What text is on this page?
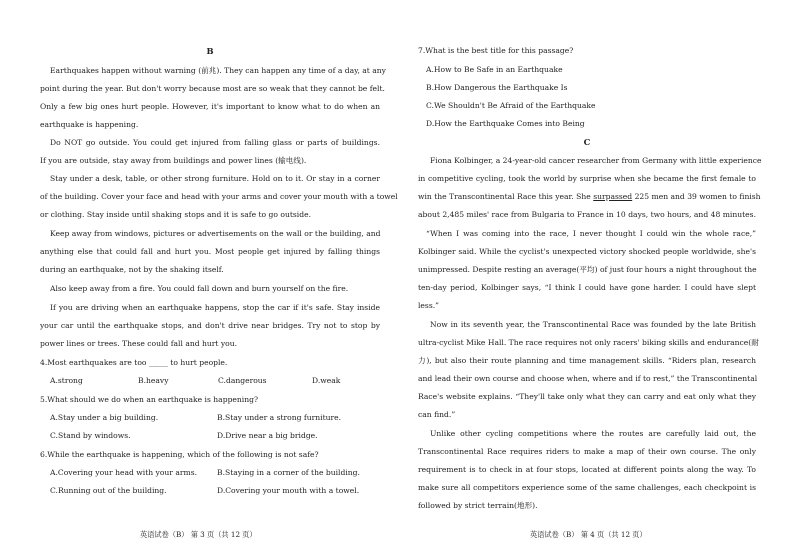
B
Earthquakes happen without warning (前兆). They can happen any time of a day, at any
point during the year. But don't worry because most are so weak that they cannot be felt.
Only a few big ones hurt people. However, it's important to know what to do when an
earthquake is happening.
Do NOT go outside. You could get injured from falling glass or parts of buildings.
If you are outside, stay away from buildings and power lines (输电线).
Stay under a desk, table, or other strong furniture. Hold on to it. Or stay in a corner
of the building. Cover your face and head with your arms and cover your mouth with a towel
or clothing. Stay inside until shaking stops and it is safe to go outside.
Keep away from windows, pictures or advertisements on the wall or the building, and
anything else that could fall and hurt you. Most people get injured by falling things
during an earthquake, not by the shaking itself.
Also keep away from a fire. You could fall down and burn yourself on the fire.
If you are driving when an earthquake happens, stop the car if it's safe. Stay inside
your car until the earthquake stops, and don't drive near bridges. Try not to stop by
power lines or trees. These could fall and hurt you.
4.Most earthquakes are too _____ to hurt people.
A.strong	B.heavy	C.dangerous	D.weak
5.What should we do when an earthquake is happening?
A.Stay under a big building.	B.Stay under a strong furniture.
C.Stand by windows.	D.Drive near a big bridge.
6.While the earthquake is happening, which of the following is not safe?
A.Covering your head with your arms.	B.Staying in a corner of the building.
C.Running out of the building.	D.Covering your mouth with a towel.
英语试卷（B） 第 3 页（共 12 页）
7.What is the best title for this passage?
A.How to Be Safe in an Earthquake
B.How Dangerous the Earthquake Is
C.We Shouldn't Be Afraid of the Earthquake
D.How the Earthquake Comes into Being
C
Fiona Kolbinger, a 24-year-old cancer researcher from Germany with little experience
in competitive cycling, took the world by surprise when she became the first female to
win the Transcontinental Race this year. She surpassed 225 men and 39 women to finish
about 2,485 miles' race from Bulgaria to France in 10 days, two hours, and 48 minutes.
“When I was coming into the race, I never thought I could win the whole race,”
Kolbinger said. While the cyclist's unexpected victory shocked people worldwide, she's
unimpressed. Despite resting an average(平均) of just four hours a night throughout the
ten-day period, Kolbinger says, “I think I could have gone harder. I could have slept
less.”
Now in its seventh year, the Transcontinental Race was founded by the late British
ultra-cyclist Mike Hall. The race requires not only racers' biking skills and endurance(耐
力), but also their route planning and time management skills. “Riders plan, research
and lead their own course and choose when, where and if to rest,” the Transcontinental
Race's website explains. “They'll take only what they can carry and eat only what they
can find.”
Unlike other cycling competitions where the routes are carefully laid out, the
Transcontinental Race requires riders to make a map of their own course. The only
requirement is to check in at four stops, located at different points along the way. To
make sure all competitors experience some of the same challenges, each checkpoint is
followed by strict terrain(地形).
英语试卷（B） 第 4 页（共 12 页）
